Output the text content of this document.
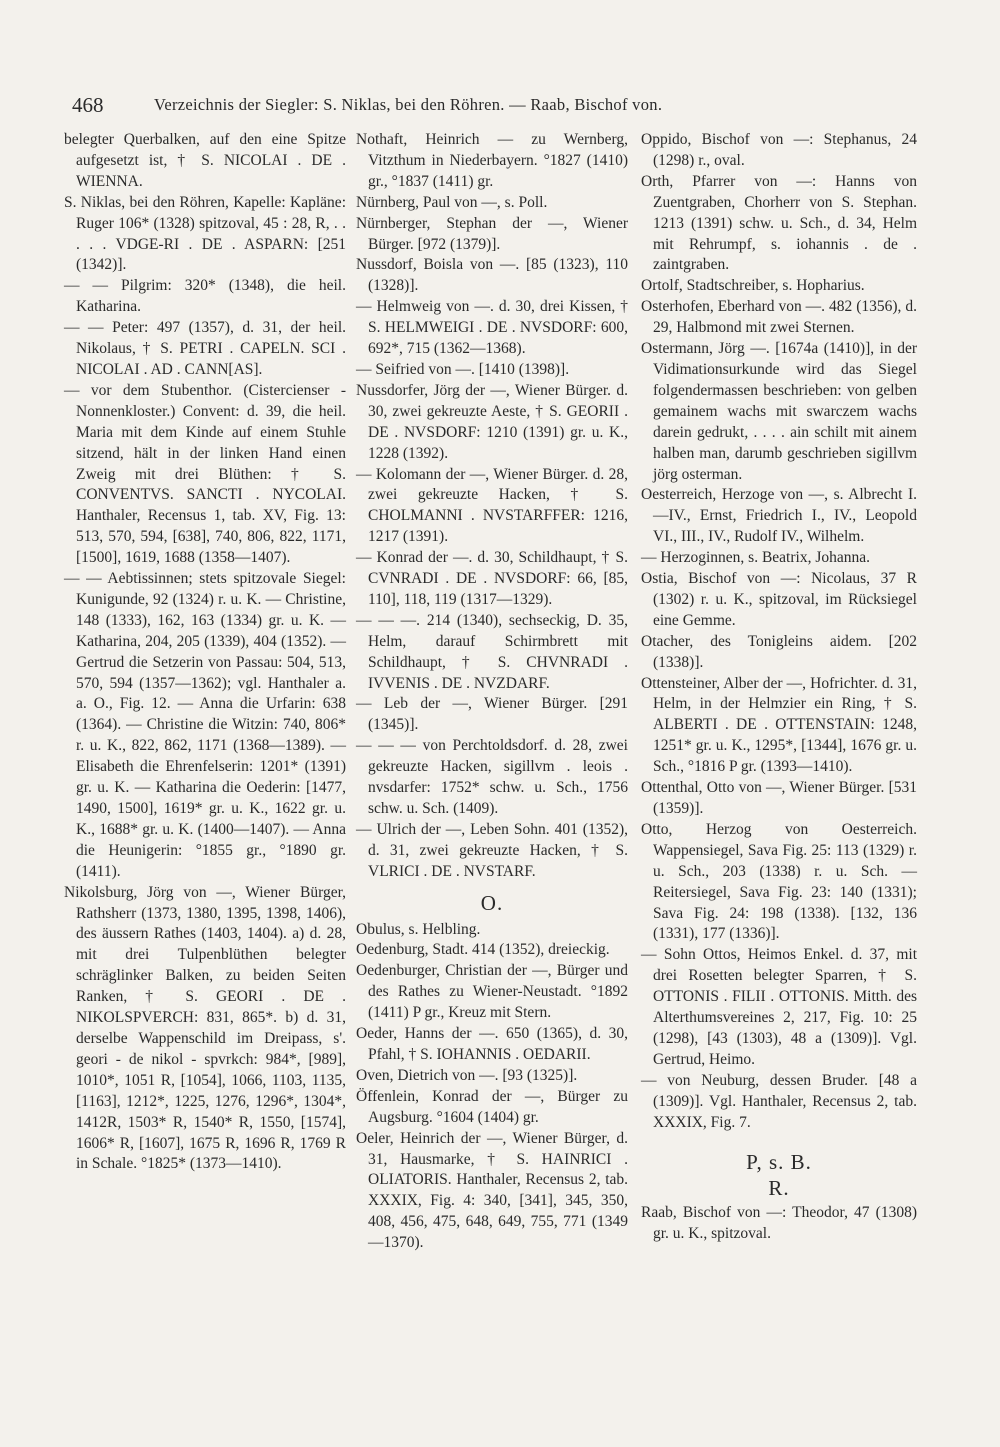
468	Verzeichnis der Siegler: S. Niklas, bei den Röhren. — Raab, Bischof von.

belegter Querbalken, auf den eine Spitze aufgesetzt ist, † S. NICOLAI . DE . WIENNA.

S. Niklas, bei den Röhren, Kapelle: Kapläne: Ruger 106* (1328) spitzoval, 45 : 28, R, . . . . . VDGE-RI . DE . ASPARN: [251 (1342)].

— — Pilgrim: 320* (1348), die heil. Katharina.

— — Peter: 497 (1357), d. 31, der heil. Nikolaus, † S. PETRI . CAPELN. SCI . NICOLAI . AD . CANN[AS].

— vor dem Stubenthor. (Cistercienser - Nonnenkloster.) Convent: d. 39, die heil. Maria mit dem Kinde auf einem Stuhle sitzend, hält in der linken Hand einen Zweig mit drei Blüthen: † S. CONVENTVS. SANCTI . NYCOLAI. Hanthaler, Recensus 1, tab. XV, Fig. 13: 513, 570, 594, [638], 740, 806, 822, 1171, [1500], 1619, 1688 (1358—1407).

— — Aebtissinnen; stets spitzovale Siegel: Kunigunde, 92 (1324) r. u. K. — Christine, 148 (1333), 162, 163 (1334) gr. u. K. — Katharina, 204, 205 (1339), 404 (1352). — Gertrud die Setzerin von Passau: 504, 513, 570, 594 (1357—1362); vgl. Hanthaler a. a. O., Fig. 12. — Anna die Urfarin: 638 (1364). — Christine die Witzin: 740, 806* r. u. K., 822, 862, 1171 (1368—1389). — Elisabeth die Ehrenfelserin: 1201* (1391) gr. u. K. — Katharina die Oederin: [1477, 1490, 1500], 1619* gr. u. K., 1622 gr. u. K., 1688* gr. u. K. (1400—1407). — Anna die Heunigerin: °1855 gr., °1890 gr. (1411).

Nikolsburg, Jörg von —, Wiener Bürger, Rathsherr (1373, 1380, 1395, 1398, 1406), des äussern Rathes (1403, 1404). a) d. 28, mit drei Tulpenblüthen belegter schräglinker Balken, zu beiden Seiten Ranken, † S. GEORI . DE . NIKOLSPVERCH: 831, 865*. b) d. 31, derselbe Wappenschild im Dreipass, s'. geori - de nikol - spvrkch: 984*, [989], 1010*, 1051 R, [1054], 1066, 1103, 1135, [1163], 1212*, 1225, 1276, 1296*, 1304*, 1412R, 1503* R, 1540* R, 1550, [1574], 1606* R, [1607], 1675 R, 1696 R, 1769 R in Schale. °1825* (1373—1410).

Nothaft, Heinrich — zu Wernberg, Vitzthum in Niederbayern. °1827 (1410) gr., °1837 (1411) gr.

Nürnberg, Paul von —, s. Poll.

Nürnberger, Stephan der —, Wiener Bürger. [972 (1379)].

Nussdorf, Boisla von —. [85 (1323), 110 (1328)].

— Helmweig von —. d. 30, drei Kissen, † S. HELMWEIGI . DE . NVSDORF: 600, 692*, 715 (1362—1368).

— Seifried von —. [1410 (1398)].

Nussdorfer, Jörg der —, Wiener Bürger. d. 30, zwei gekreuzte Aeste, † S. GEORII . DE . NVSDORF: 1210 (1391) gr. u. K., 1228 (1392).

— Kolomann der —, Wiener Bürger. d. 28, zwei gekreuzte Hacken, † S. CHOLMANNI . NVSTARFFER: 1216, 1217 (1391).

— Konrad der —. d. 30, Schildhaupt, † S. CVNRADI . DE . NVSDORF: 66, [85, 110], 118, 119 (1317—1329).

— — —. 214 (1340), sechseckig, D. 35, Helm, darauf Schirmbrett mit Schildhaupt, † S. CHVNRADI . IVVENIS . DE . NVZDARF.

— Leb der —, Wiener Bürger. [291 (1345)].

— — — von Perchtoldsdorf. d. 28, zwei gekreuzte Hacken, sigillvm . leois . nvsdarfer: 1752* schw. u. Sch., 1756 schw. u. Sch. (1409).

— Ulrich der —, Leben Sohn. 401 (1352), d. 31, zwei gekreuzte Hacken, † S. VLRICI . DE . NVSTARF.

O.

Obulus, s. Helbling.

Oedenburg, Stadt. 414 (1352), dreieckig.

Oedenburger, Christian der —, Bürger und des Rathes zu Wiener-Neustadt. °1892 (1411) P gr., Kreuz mit Stern.

Oeder, Hanns der —. 650 (1365), d. 30, Pfahl, † S. IOHANNIS . OEDARII.

Oven, Dietrich von —. [93 (1325)].

Öffenlein, Konrad der —, Bürger zu Augsburg. °1604 (1404) gr.

Oeler, Heinrich der —, Wiener Bürger, d. 31, Hausmarke, † S. HAINRICI . OLIATORIS. Hanthaler, Recensus 2, tab. XXXIX, Fig. 4: 340, [341], 345, 350, 408, 456, 475, 648, 649, 755, 771 (1349—1370).

Oppido, Bischof von —: Stephanus, 24 (1298) r., oval.

Orth, Pfarrer von —: Hanns von Zuentgraben, Chorherr von S. Stephan. 1213 (1391) schw. u. Sch., d. 34, Helm mit Rehrumpf, s. iohannis . de . zaintgraben.

Ortolf, Stadtschreiber, s. Hopharius.

Osterhofen, Eberhard von —. 482 (1356), d. 29, Halbmond mit zwei Sternen.

Ostermann, Jörg —. [1674a (1410)], in der Vidimationsurkunde wird das Siegel folgendermassen beschrieben: von gelben gemainem wachs mit swarczem wachs darein gedrukt, . . . . ain schilt mit ainem halben man, darumb geschrieben sigillvm jörg osterman.

Oesterreich, Herzoge von —, s. Albrecht I.—IV., Ernst, Friedrich I., IV., Leopold VI., III., IV., Rudolf IV., Wilhelm.

— Herzoginnen, s. Beatrix, Johanna.

Ostia, Bischof von —: Nicolaus, 37 R (1302) r. u. K., spitzoval, im Rücksiegel eine Gemme.

Otacher, des Tonigleins aidem. [202 (1338)].

Ottensteiner, Alber der —, Hofrichter. d. 31, Helm, in der Helmzier ein Ring, † S. ALBERTI . DE . OTTENSTAIN: 1248, 1251* gr. u. K., 1295*, [1344], 1676 gr. u. Sch., °1816 P gr. (1393—1410).

Ottenthal, Otto von —, Wiener Bürger. [531 (1359)].

Otto, Herzog von Oesterreich. Wappensiegel, Sava Fig. 25: 113 (1329) r. u. Sch., 203 (1338) r. u. Sch. — Reitersiegel, Sava Fig. 23: 140 (1331); Sava Fig. 24: 198 (1338). [132, 136 (1331), 177 (1336)].

— Sohn Ottos, Heimos Enkel. d. 37, mit drei Rosetten belegter Sparren, † S. OTTONIS . FILII . OTTONIS. Mitth. des Alterthumsvereines 2, 217, Fig. 10: 25 (1298), [43 (1303), 48 a (1309)]. Vgl. Gertrud, Heimo.

— von Neuburg, dessen Bruder. [48 a (1309)]. Vgl. Hanthaler, Recensus 2, tab. XXXIX, Fig. 7.

P, s. B.
R.

Raab, Bischof von —: Theodor, 47 (1308) gr. u. K., spitzoval.
